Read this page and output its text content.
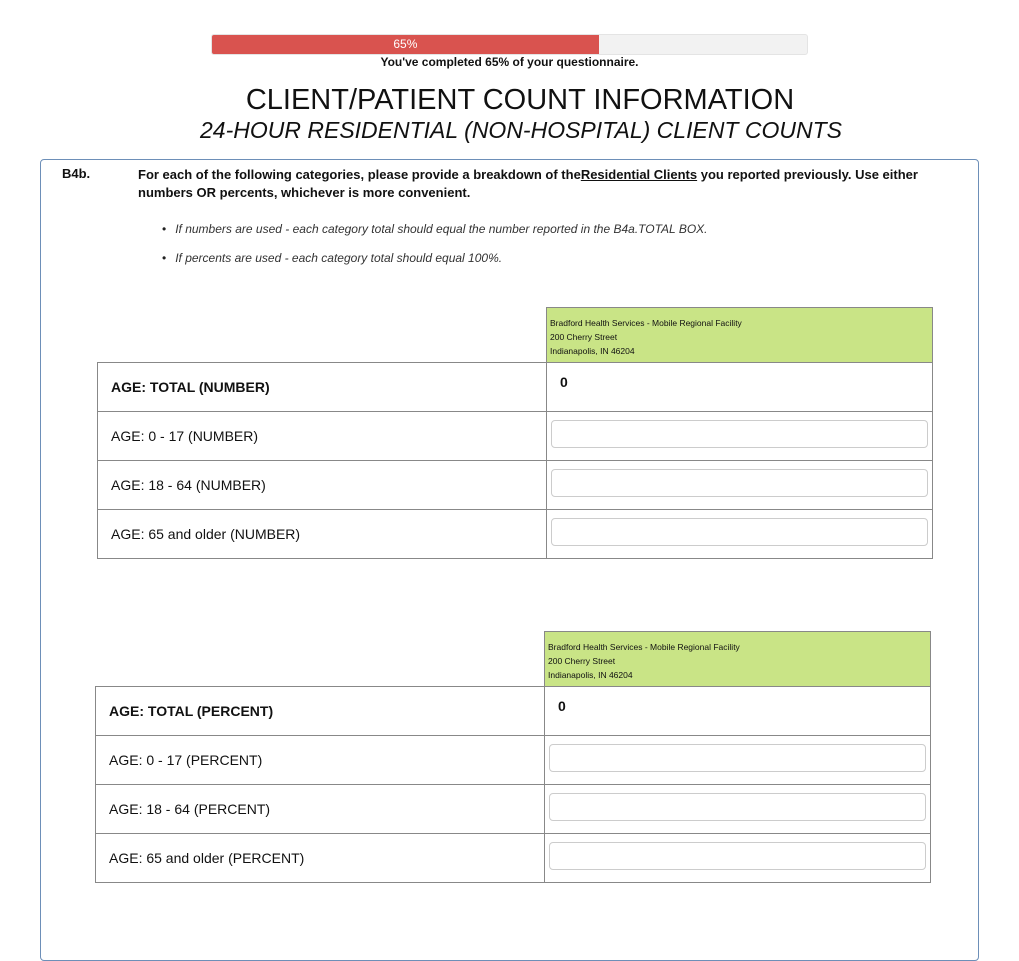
65%
You've completed 65% of your questionnaire.
CLIENT/PATIENT COUNT INFORMATION
24-HOUR RESIDENTIAL (NON-HOSPITAL) CLIENT COUNTS
B4b.	For each of the following categories, please provide a breakdown of theResidential Clients you reported previously. Use either numbers OR percents, whichever is more convenient.
• If numbers are used - each category total should equal the number reported in the B4a.TOTAL BOX.
• If percents are used - each category total should equal 100%.
Bradford Health Services - Mobile Regional Facility
200 Cherry Street
Indianapolis, IN 46204
AGE: TOTAL (NUMBER)	0
AGE: 0 - 17 (NUMBER)
AGE: 18 - 64 (NUMBER)
AGE: 65 and older (NUMBER)
Bradford Health Services - Mobile Regional Facility
200 Cherry Street
Indianapolis, IN 46204
AGE: TOTAL (PERCENT)	0
AGE: 0 - 17 (PERCENT)
AGE: 18 - 64 (PERCENT)
AGE: 65 and older (PERCENT)
